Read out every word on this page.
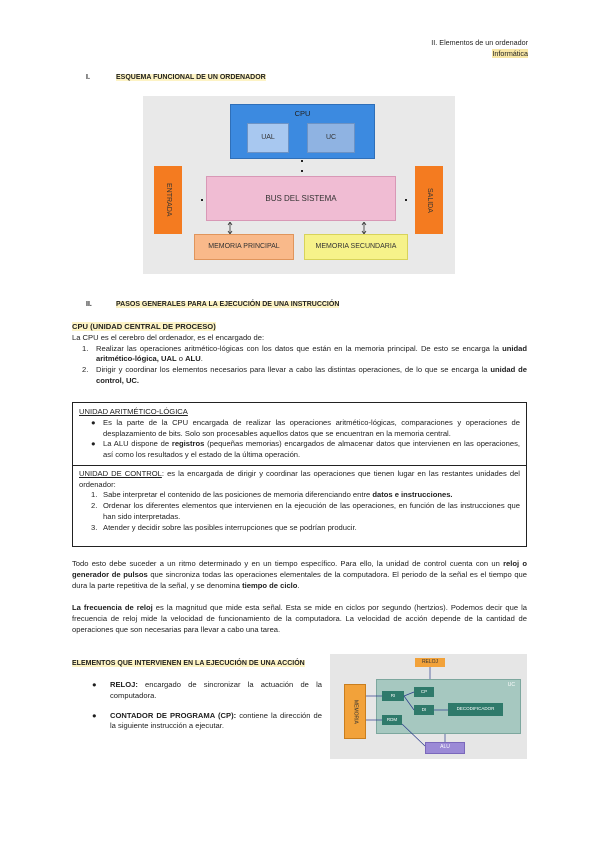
II. Elementos de un ordenador
Informática
I.	ESQUEMA FUNCIONAL DE UN ORDENADOR
CPU
UAL	UC
ENTRADA	SALIDA
BUS DEL SISTEMA
MEMORIA PRINCIPAL	MEMORIA SECUNDARIA
II.	PASOS GENERALES PARA LA EJECUCIÓN DE UNA INSTRUCCIÓN
CPU (UNIDAD CENTRAL DE PROCESO)
La CPU es el cerebro del ordenador, es el encargado de:
1. Realizar las operaciones aritmético-lógicas con los datos que están en la memoria principal. De esto se encarga la unidad aritmético-lógica, UAL o ALU.
2. Dirigir y coordinar los elementos necesarios para llevar a cabo las distintas operaciones, de lo que se encarga la unidad de control, UC.
UNIDAD ARITMÉTICO-LÓGICA
● Es la parte de la CPU encargada de realizar las operaciones aritmético-lógicas, comparaciones y operaciones de desplazamiento de bits. Solo son procesables aquellos datos que se encuentran en la memoria central.
● La ALU dispone de registros (pequeñas memorias) encargados de almacenar datos que intervienen en las operaciones, así como los resultados y el estado de la última operación.
UNIDAD DE CONTROL: es la encargada de dirigir y coordinar las operaciones que tienen lugar en las restantes unidades del ordenador:
1. Sabe interpretar el contenido de las posiciones de memoria diferenciando entre datos e instrucciones.
2. Ordenar los diferentes elementos que intervienen en la ejecución de las operaciones, en función de las instrucciones que han sido interpretadas.
3. Atender y decidir sobre las posibles interrupciones que se podrían producir.
Todo esto debe suceder a un ritmo determinado y en un tiempo específico. Para ello, la unidad de control cuenta con un reloj o generador de pulsos que sincroniza todas las operaciones elementales de la computadora. El periodo de la señal es el tiempo que dura la parte repetitiva de la señal, y se denomina tiempo de ciclo.
La frecuencia de reloj es la magnitud que mide esta señal. Esta se mide en ciclos por segundo (hertzios). Podemos decir que la frecuencia de reloj mide la velocidad de funcionamiento de la computadora. La velocidad de acción depende de la cantidad de operaciones que son necesarias para llevar a cabo una tarea.
ELEMENTOS QUE INTERVIENEN EN LA EJECUCIÓN DE UNA ACCIÓN
● RELOJ: encargado de sincronizar la actuación de la computadora.
● CONTADOR DE PROGRAMA (CP): contiene la dirección de la siguiente instrucción a ejecutar.
RELOJ
UC
MEMORIA
RI
CP
DI
RDM
DECODIFICADOR
ALU
